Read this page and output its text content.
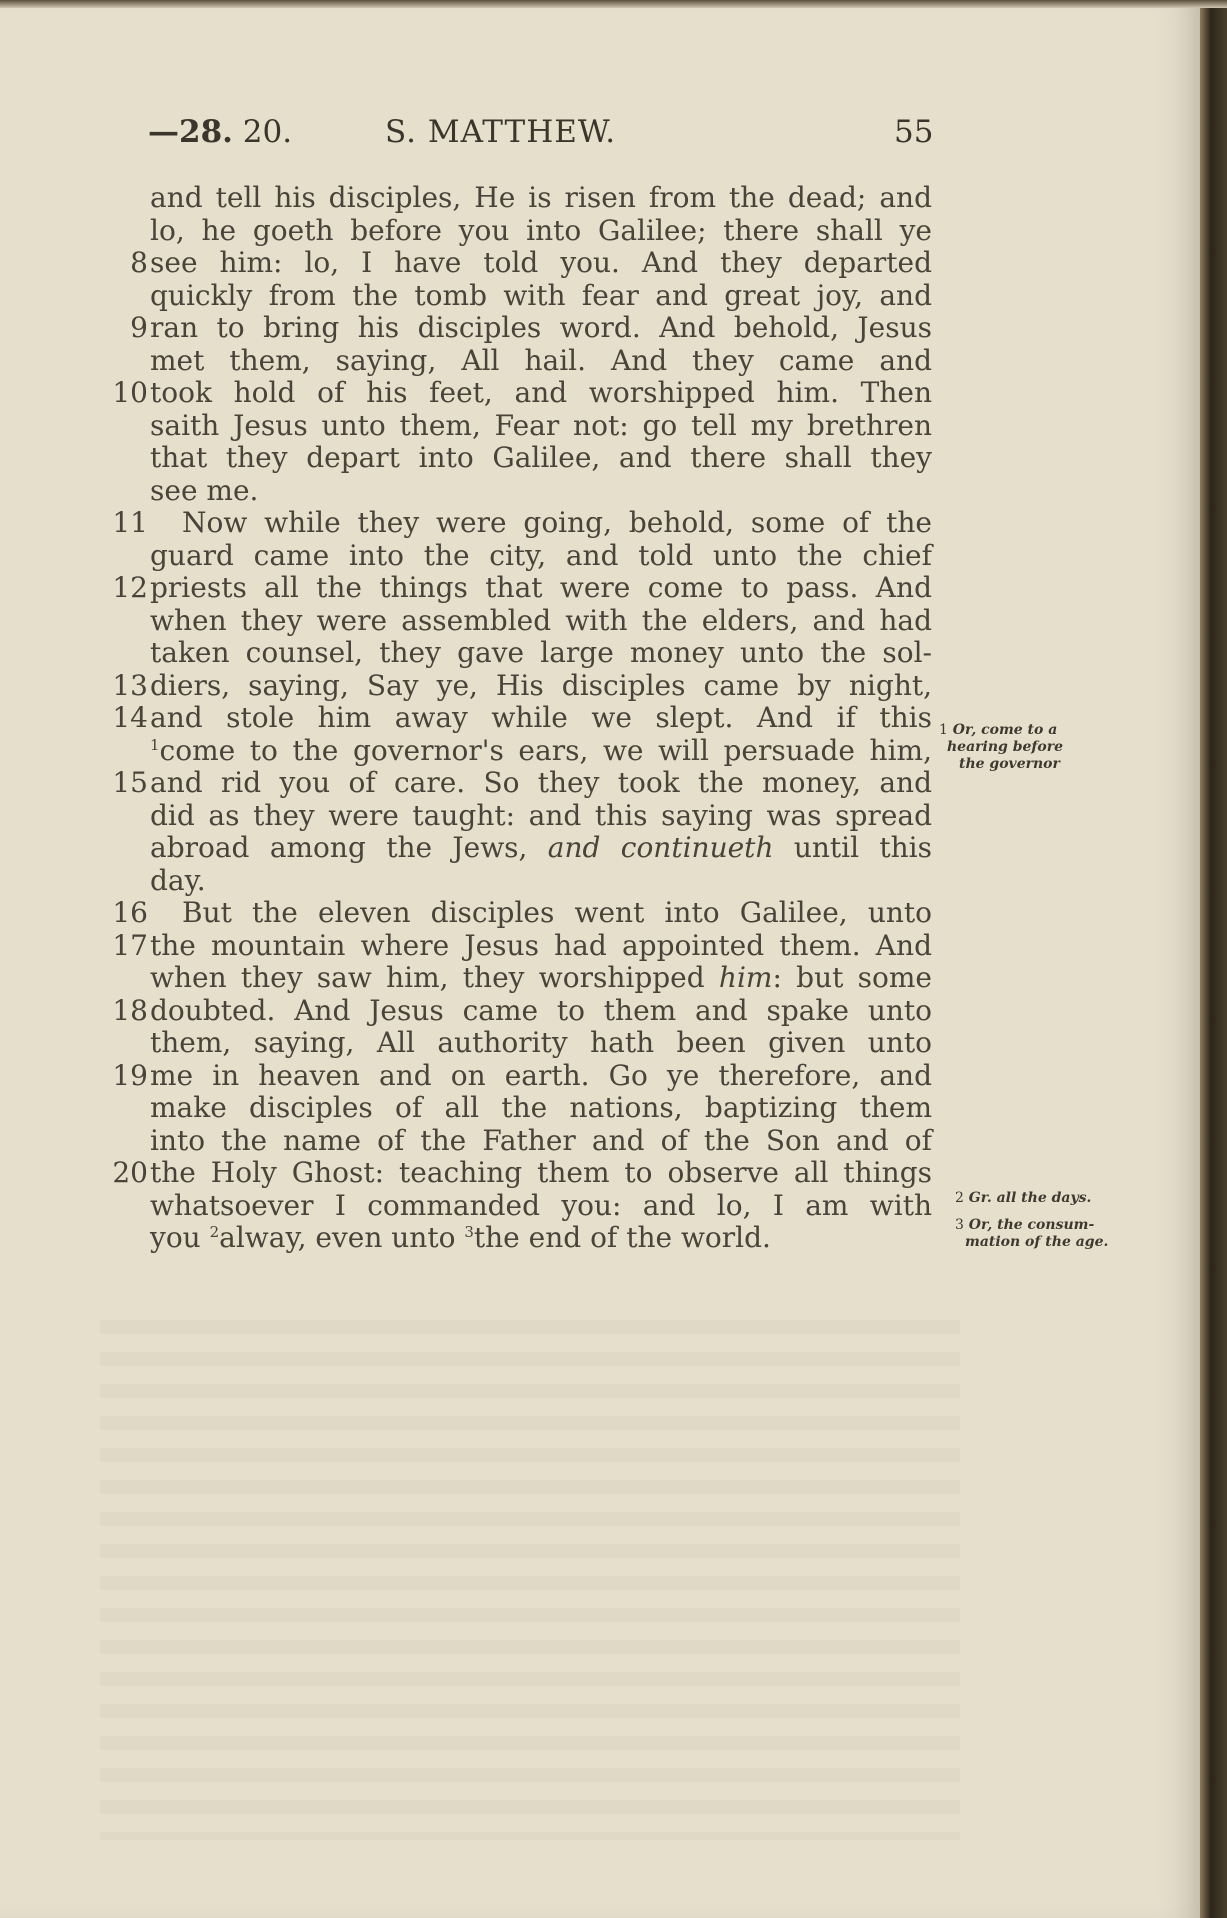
—28. 20.	S. MATTHEW.	55
and tell his disciples, He is risen from the dead; and
lo, he goeth before you into Galilee; there shall ye
8 see him: lo, I have told you. And they departed
quickly from the tomb with fear and great joy, and
9 ran to bring his disciples word. And behold, Jesus
met them, saying, All hail. And they came and
10 took hold of his feet, and worshipped him. Then
saith Jesus unto them, Fear not: go tell my brethren
that they depart into Galilee, and there shall they
see me.
11 Now while they were going, behold, some of the
guard came into the city, and told unto the chief
12 priests all the things that were come to pass. And
when they were assembled with the elders, and had
taken counsel, they gave large money unto the sol-
13 diers, saying, Say ye, His disciples came by night,
14 and stole him away while we slept. And if this
$^1$come to the governor's ears, we will persuade him,
15 and rid you of care. So they took the money, and
did as they were taught: and this saying was spread
abroad among the Jews, and continueth until this
day.
16 But the eleven disciples went into Galilee, unto
17 the mountain where Jesus had appointed them. And
when they saw him, they worshipped him: but some
18 doubted. And Jesus came to them and spake unto
them, saying, All authority hath been given unto
19 me in heaven and on earth. Go ye therefore, and
make disciples of all the nations, baptizing them
into the name of the Father and of the Son and of
20 the Holy Ghost: teaching them to observe all things
whatsoever I commanded you: and lo, I am with
you $^2$alway, even unto $^3$the end of the world.
1 Or, come to a
hearing before
the governor
2 Gr. all the days.
3 Or, the consum-
mation of the age.
